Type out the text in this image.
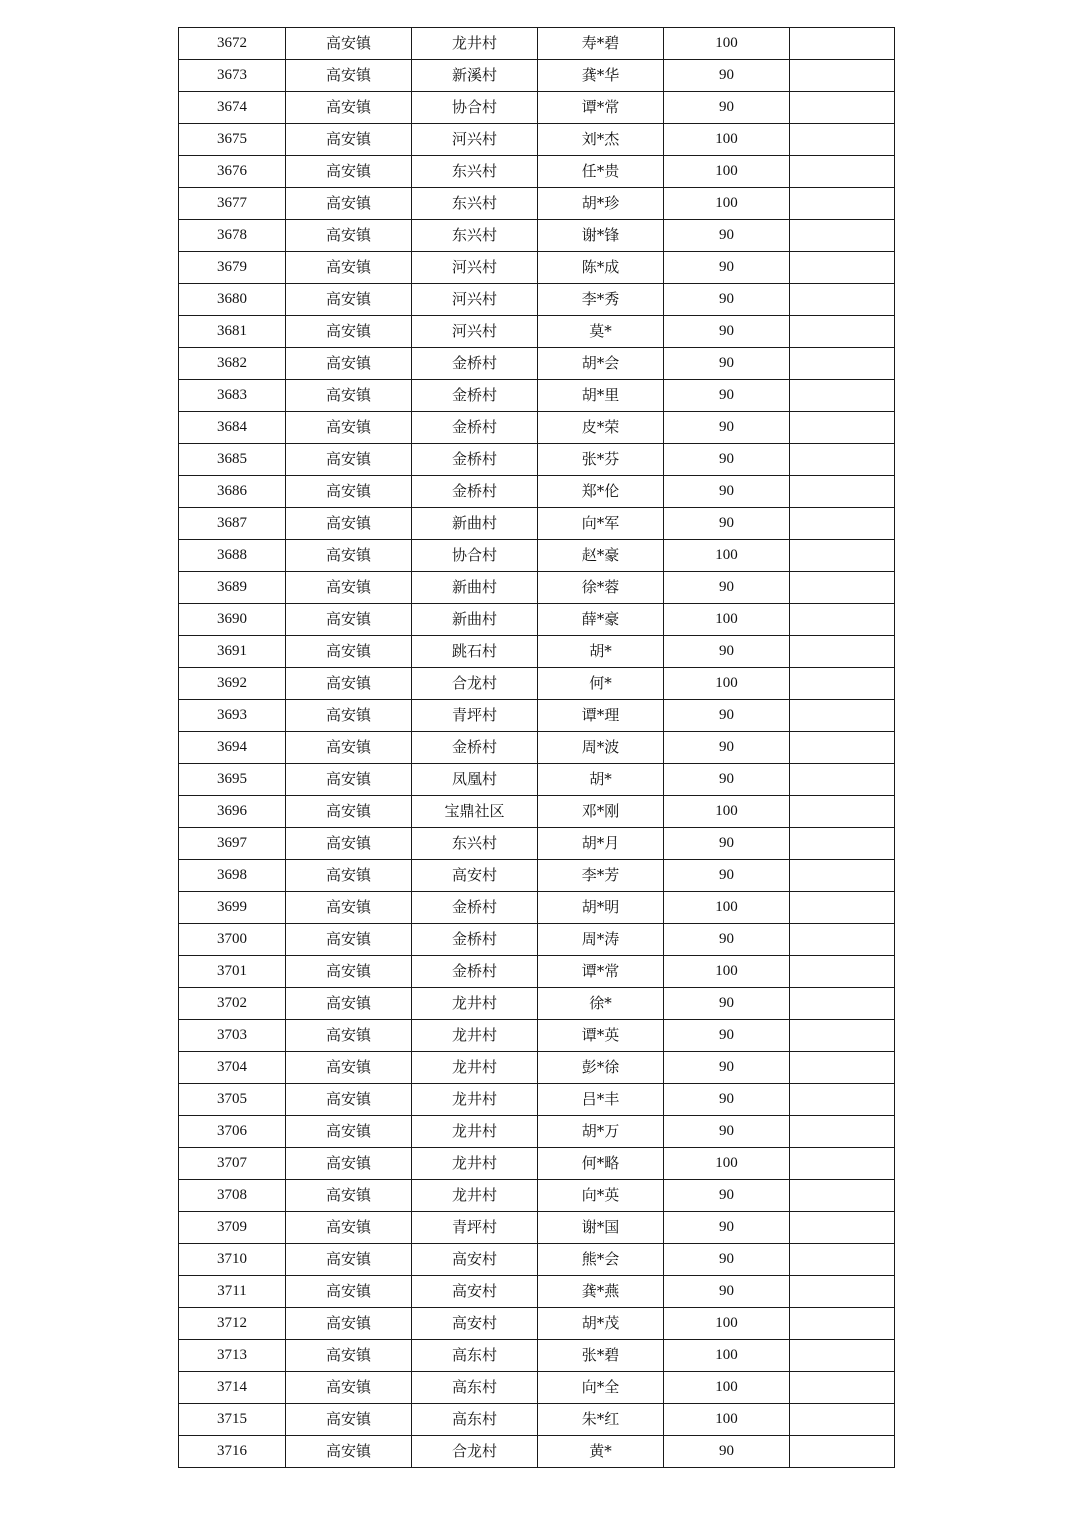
3672	高安镇	龙井村	寿*碧	100	
3673	高安镇	新溪村	龚*华	90	
3674	高安镇	协合村	谭*常	90	
3675	高安镇	河兴村	刘*杰	100	
3676	高安镇	东兴村	任*贵	100	
3677	高安镇	东兴村	胡*珍	100	
3678	高安镇	东兴村	谢*锋	90	
3679	高安镇	河兴村	陈*成	90	
3680	高安镇	河兴村	李*秀	90	
3681	高安镇	河兴村	莫*	90	
3682	高安镇	金桥村	胡*会	90	
3683	高安镇	金桥村	胡*里	90	
3684	高安镇	金桥村	皮*荣	90	
3685	高安镇	金桥村	张*芬	90	
3686	高安镇	金桥村	郑*伦	90	
3687	高安镇	新曲村	向*军	90	
3688	高安镇	协合村	赵*豪	100	
3689	高安镇	新曲村	徐*蓉	90	
3690	高安镇	新曲村	薛*豪	100	
3691	高安镇	跳石村	胡*	90	
3692	高安镇	合龙村	何*	100	
3693	高安镇	青坪村	谭*理	90	
3694	高安镇	金桥村	周*波	90	
3695	高安镇	凤凰村	胡*	90	
3696	高安镇	宝鼎社区	邓*刚	100	
3697	高安镇	东兴村	胡*月	90	
3698	高安镇	高安村	李*芳	90	
3699	高安镇	金桥村	胡*明	100	
3700	高安镇	金桥村	周*涛	90	
3701	高安镇	金桥村	谭*常	100	
3702	高安镇	龙井村	徐*	90	
3703	高安镇	龙井村	谭*英	90	
3704	高安镇	龙井村	彭*徐	90	
3705	高安镇	龙井村	吕*丰	90	
3706	高安镇	龙井村	胡*万	90	
3707	高安镇	龙井村	何*略	100	
3708	高安镇	龙井村	向*英	90	
3709	高安镇	青坪村	谢*国	90	
3710	高安镇	高安村	熊*会	90	
3711	高安镇	高安村	龚*燕	90	
3712	高安镇	高安村	胡*茂	100	
3713	高安镇	高东村	张*碧	100	
3714	高安镇	高东村	向*全	100	
3715	高安镇	高东村	朱*红	100	
3716	高安镇	合龙村	黄*	90	
